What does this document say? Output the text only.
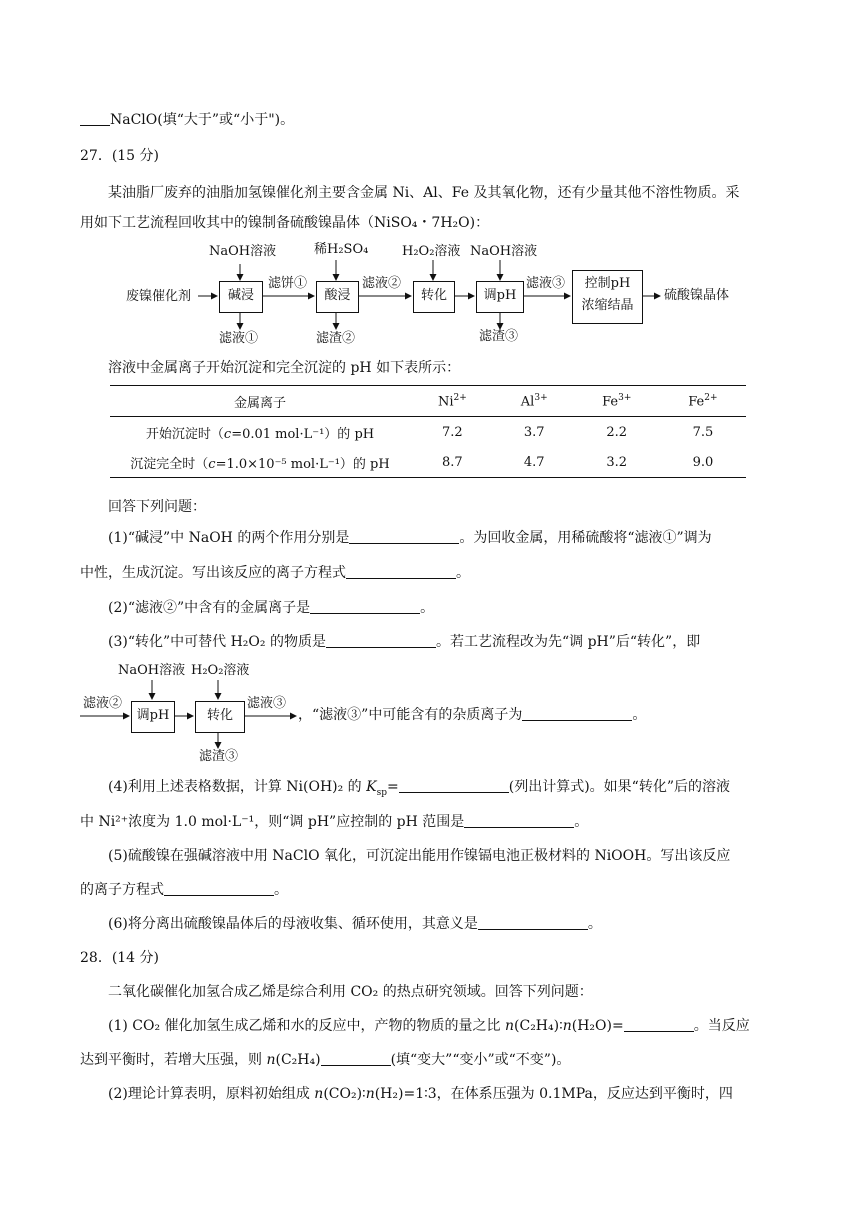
NaClO(填“大于”或“小于")。
27．(15 分)
某油脂厂废弃的油脂加氢镍催化剂主要含金属 Ni、Al、Fe 及其氧化物，还有少量其他不溶性物质。采
用如下工艺流程回收其中的镍制备硫酸镍晶体（NiSO₄・7H₂O)：
废镍催化剂	碱浸	酸浸	转化	调pH
控制pH
浓缩结晶
硫酸镍晶体
NaOH溶液	稀H₂SO₄	H₂O₂溶液 NaOH溶液
滤饼①	滤液②	滤液③
滤液①	滤渣②	滤渣③
溶液中金属离子开始沉淀和完全沉淀的 pH 如下表所示：
金属离子	$Ni^{2+}$	$Al^{3+}$	$Fe^{3+}$	$Fe^{2+}$
开始沉淀时（c=0.01 mol·L⁻¹）的 pH	7.2	3.7	2.2	7.5
沉淀完全时（c=1.0×10⁻⁵ mol·L⁻¹）的 pH	8.7	4.7	3.2	9.0
回答下列问题：
(1)“碱浸”中 NaOH 的两个作用分别是	。为回收金属，用稀硫酸将“滤液①”调为
中性，生成沉淀。写出该反应的离子方程式	。
(2)“滤液②”中含有的金属离子是	。
(3)“转化”中可替代 H₂O₂ 的物质是	。若工艺流程改为先“调 pH”后“转化”，即
滤液②
调pH	转化
NaOH溶液 H₂O₂溶液
滤液③
滤渣③
，“滤液③”中可能含有的杂质离子为	。
(4)利用上述表格数据，计算 Ni(OH)₂ 的 $K_{sp}=$	(列出计算式)。如果“转化”后的溶液
中 Ni²⁺浓度为 1.0 mol·L⁻¹，则“调 pH”应控制的 pH 范围是	。
(5)硫酸镍在强碱溶液中用 NaClO 氧化，可沉淀出能用作镍镉电池正极材料的 NiOOH。写出该反应
的离子方程式	。
(6)将分离出硫酸镍晶体后的母液收集、循环使用，其意义是	。
28．(14 分)
二氧化碳催化加氢合成乙烯是综合利用 CO₂ 的热点研究领域。回答下列问题：
(1) CO₂ 催化加氢生成乙烯和水的反应中，产物的物质的量之比 n(C₂H₄)∶n(H₂O)=	。当反应
达到平衡时，若增大压强，则 n(C₂H₄)	(填“变大”“变小”或“不变”)。
(2)理论计算表明，原料初始组成 n(CO₂)∶n(H₂)=1∶3，在体系压强为 0.1MPa，反应达到平衡时，四
